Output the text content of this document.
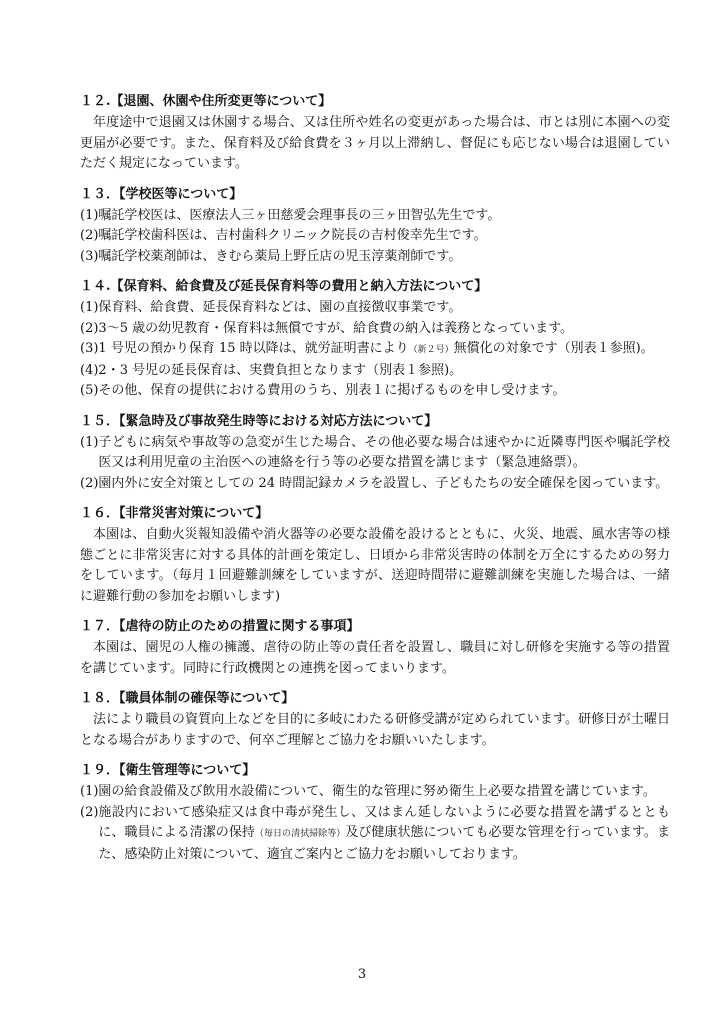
１２.【退園、休園や住所変更等について】

年度途中で退園又は休園する場合、又は住所や姓名の変更があった場合は、市とは別に本園への変更届が必要です。また、保育料及び給食費を３ヶ月以上滞納し、督促にも応じない場合は退園していただく規定になっています。

１３．【学校医等について】
(1) 嘱託学校医は、医療法人三ヶ田慈愛会理事長の三ヶ田智弘先生です。
(2) 嘱託学校歯科医は、吉村歯科クリニック院長の吉村俊幸先生です。
(3) 嘱託学校薬剤師は、きむら薬局上野丘店の児玉淳薬剤師です。
１４.【保育料、給食費及び延長保育料等の費用と納入方法について】
(1) 保育料、給食費、延長保育料などは、園の直接徴収事業です。
(2) 3～5 歳の幼児教育・保育料は無償ですが、給食費の納入は義務となっています。
(3) 1 号児の預かり保育 15 時以降は、就労証明書により（新２号）無償化の対象です（別表１参照)。
(4) 2・3 号児の延長保育は、実費負担となります（別表１参照)。
(5) その他、保育の提供における費用のうち、別表１に掲げるものを申し受けます。
１５．【緊急時及び事故発生時等における対応方法について】
(1) 子どもに病気や事故等の急変が生じた場合、その他必要な場合は速やかに近隣専門医や嘱託学校医又は利用児童の主治医への連絡を行う等の必要な措置を講じます（緊急連絡票）。
(2) 園内外に安全対策としての 24 時間記録カメラを設置し、子どもたちの安全確保を図っています。
１６．【非常災害対策について】

本園は、自動火災報知設備や消火器等の必要な設備を設けるとともに、火災、地震、風水害等の様態ごとに非常災害に対する具体的計画を策定し、日頃から非常災害時の体制を万全にするための努力をしています。（毎月１回避難訓練をしていますが、送迎時間帯に避難訓練を実施した場合は、一緒に避難行動の参加をお願いします)

１７．【虐待の防止のための措置に関する事項】

本園は、園児の人権の擁護、虐待の防止等の責任者を設置し、職員に対し研修を実施する等の措置を講じています。同時に行政機関との連携を図ってまいります。

１８．【職員体制の確保等について】

法により職員の資質向上などを目的に多岐にわたる研修受講が定められています。研修日が土曜日となる場合がありますので、何卒ご理解とご協力をお願いいたします。

１９．【衛生管理等について】
(1) 園の給食設備及び飲用水設備について、衛生的な管理に努め衛生上必要な措置を講じています。
(2) 施設内において感染症又は食中毒が発生し、又はまん延しないように必要な措置を講ずるとともに、職員による清潔の保持（毎日の清拭掃除等）及び健康状態についても必要な管理を行っています。また、感染防止対策について、適宜ご案内とご協力をお願いしております。
3
